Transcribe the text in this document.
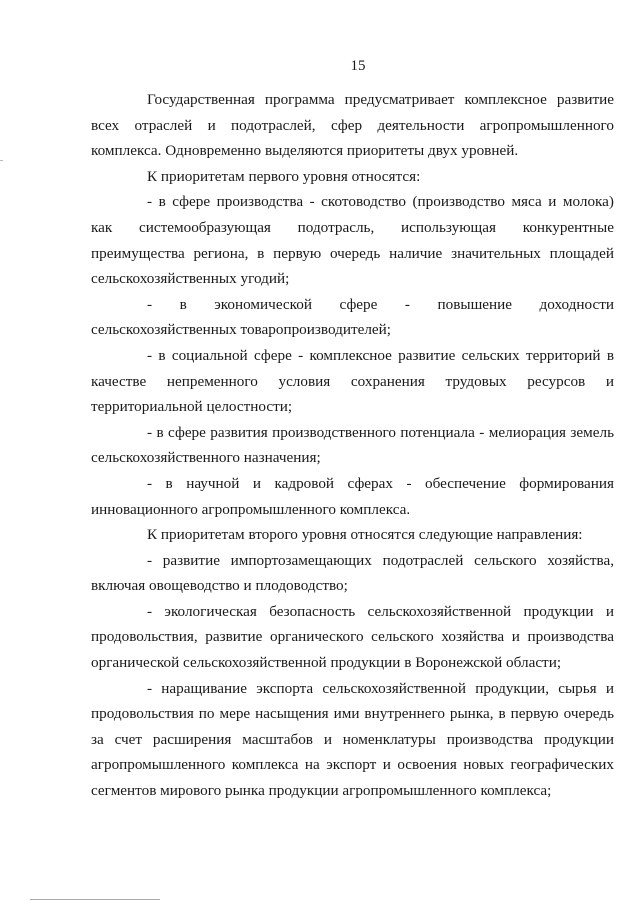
15

Государственная программа предусматривает комплексное развитие всех отраслей и подотраслей, сфер деятельности агропромышленного комплекса. Одновременно выделяются приоритеты двух уровней.

К приоритетам первого уровня относятся:

- в сфере производства - скотоводство (производство мяса и молока) как системообразующая подотрасль, использующая конкурентные преимущества региона, в первую очередь наличие значительных площадей сельскохозяйственных угодий;

- в экономической сфере - повышение доходности сельскохозяйственных товаропроизводителей;

- в социальной сфере - комплексное развитие сельских территорий в качестве непременного условия сохранения трудовых ресурсов и территориальной целостности;

- в сфере развития производственного потенциала - мелиорация земель сельскохозяйственного назначения;

- в научной и кадровой сферах - обеспечение формирования инновационного агропромышленного комплекса.

К приоритетам второго уровня относятся следующие направления:

- развитие импортозамещающих подотраслей сельского хозяйства, включая овощеводство и плодоводство;

- экологическая безопасность сельскохозяйственной продукции и продовольствия, развитие органического сельского хозяйства и производства органической сельскохозяйственной продукции в Воронежской области;

- наращивание экспорта сельскохозяйственной продукции, сырья и продовольствия по мере насыщения ими внутреннего рынка, в первую очередь за счет расширения масштабов и номенклатуры производства продукции агропромышленного комплекса на экспорт и освоения новых географических сегментов мирового рынка продукции агропромышленного комплекса;
